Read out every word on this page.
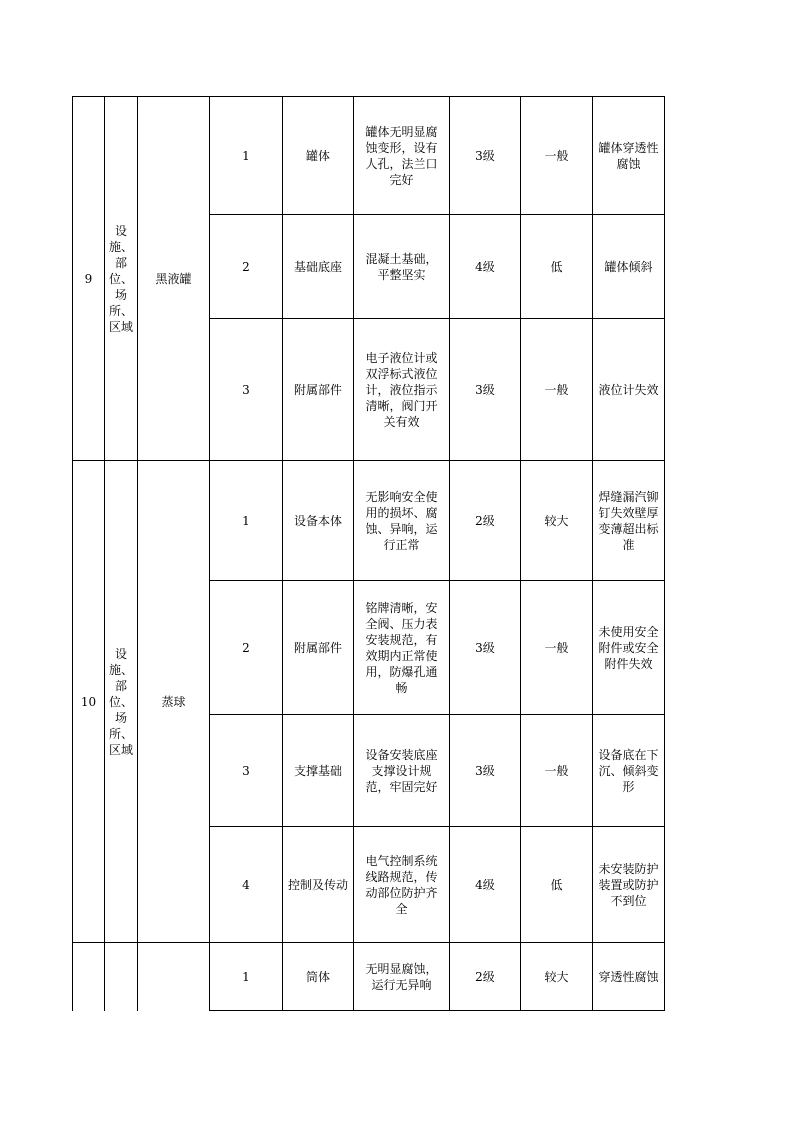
9	设施、部位、场所、区域	黑液罐	1	罐体	罐体无明显腐蚀变形，设有人孔，法兰口完好	3级	一般	罐体穿透性腐蚀
			2	基础底座	混凝土基础，平整坚实	4级	低	罐体倾斜
			3	附属部件	电子液位计或双浮标式液位计，液位指示清晰，阀门开关有效	3级	一般	液位计失效
10	设施、部位、场所、区域	蒸球	1	设备本体	无影响安全使用的损坏、腐蚀、异响，运行正常	2级	较大	焊缝漏汽铆钉失效壁厚变薄超出标准
			2	附属部件	铭牌清晰，安全阀、压力表安装规范，有效期内正常使用，防爆孔通畅	3级	一般	未使用安全附件或安全附件失效
			3	支撑基础	设备安装底座支撑设计规范，牢固完好	3级	一般	设备底在下沉、倾斜变形
			4	控制及传动	电气控制系统线路规范，传动部位防护齐全	4级	低	未安装防护装置或防护不到位
			1	筒体	无明显腐蚀，运行无异响	2级	较大	穿透性腐蚀
